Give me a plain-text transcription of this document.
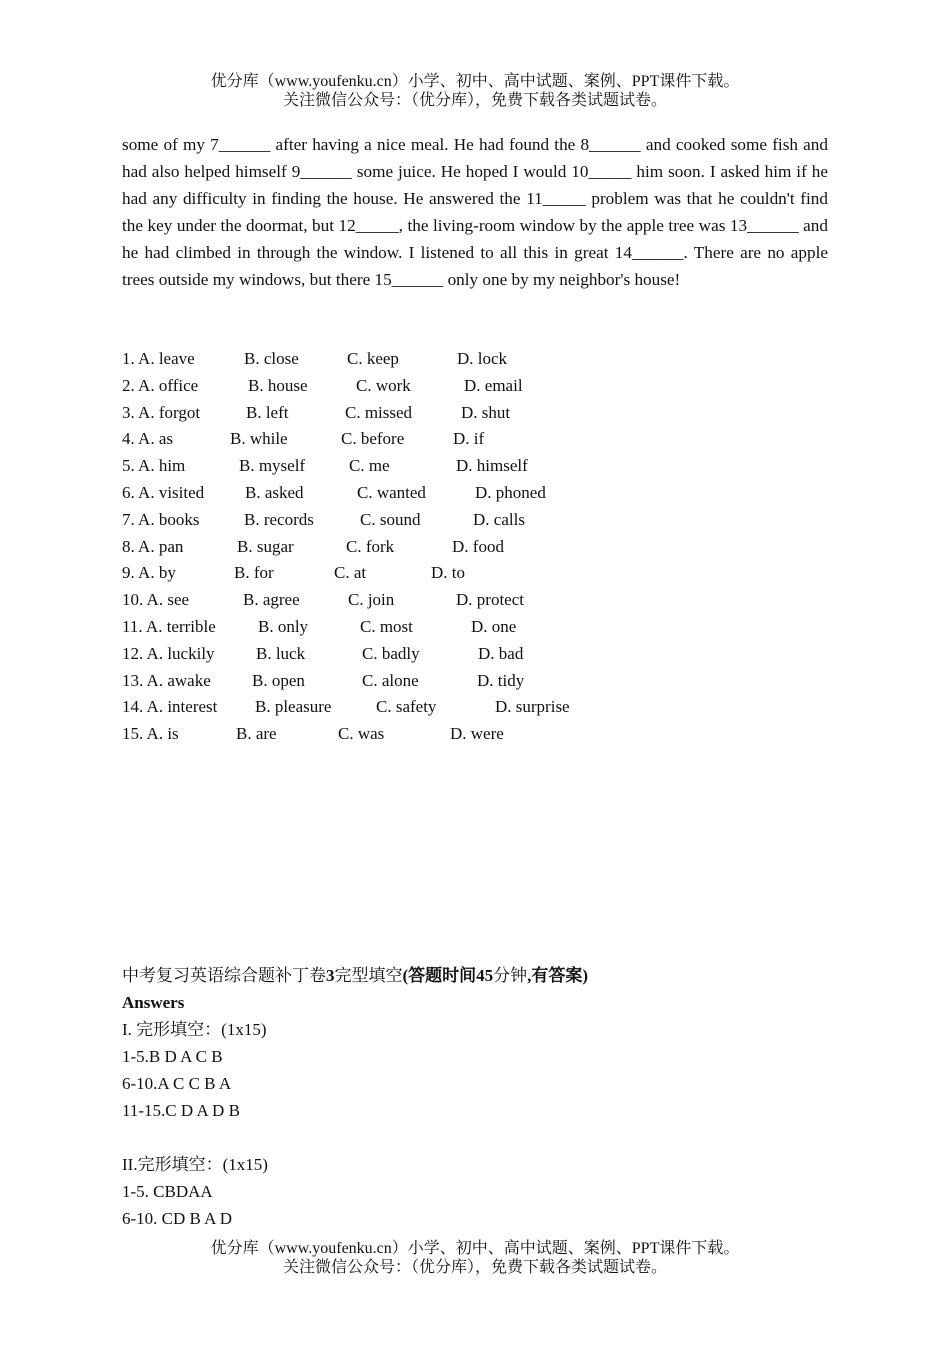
优分库（www.youfenku.cn）小学、初中、高中试题、案例、PPT课件下载。
关注微信公众号：（优分库），免费下载各类试题试卷。
some of my 7______ after having a nice meal. He had found the 8______ and cooked some fish and had also helped himself 9______ some juice. He hoped I would 10_____ him soon. I asked him if he had any difficulty in finding the house. He answered the 11_____ problem was that he couldn't find the key under the doormat, but 12_____, the living-room window by the apple tree was 13______ and he had climbed in through the window. I listened to all this in great 14______. There are no apple trees outside my windows, but there 15______ only one by my neighbor's house!
1. A. leave	B. close	C. keep	D. lock
2. A. office	B. house	C. work	D. email
3. A. forgot	B. left	C. missed	D. shut
4. A. as	B. while	C. before	D. if
5. A. him	B. myself	C. me	D. himself
6. A. visited B. asked	C. wanted	D. phoned
7. A. books	B. records	C. sound	D. calls
8. A. pan	B. sugar	C. fork	D. food
9. A. by	B. for	C. at	D. to
10. A. see	B. agree	C. join	D. protect
11. A. terrible B. only	C. most	D. one
12. A. luckily B. luck	C. badly	D. bad
13. A. awake B. open	C. alone	D. tidy
14. A. interest B. pleasure	C. safety	D. surprise
15. A. is	B. are	C. was	D. were
中考复习英语综合题补丁卷3完型填空(答题时间45分钟,有答案)
Answers
I. 完形填空：(1x15)
1-5.B D A C B
6-10.A C C B A
11-15.C D A D B
II.完形填空：(1x15)
1-5. CBDAA
6-10. CD B A D
优分库（www.youfenku.cn）小学、初中、高中试题、案例、PPT课件下载。
关注微信公众号：（优分库），免费下载各类试题试卷。
